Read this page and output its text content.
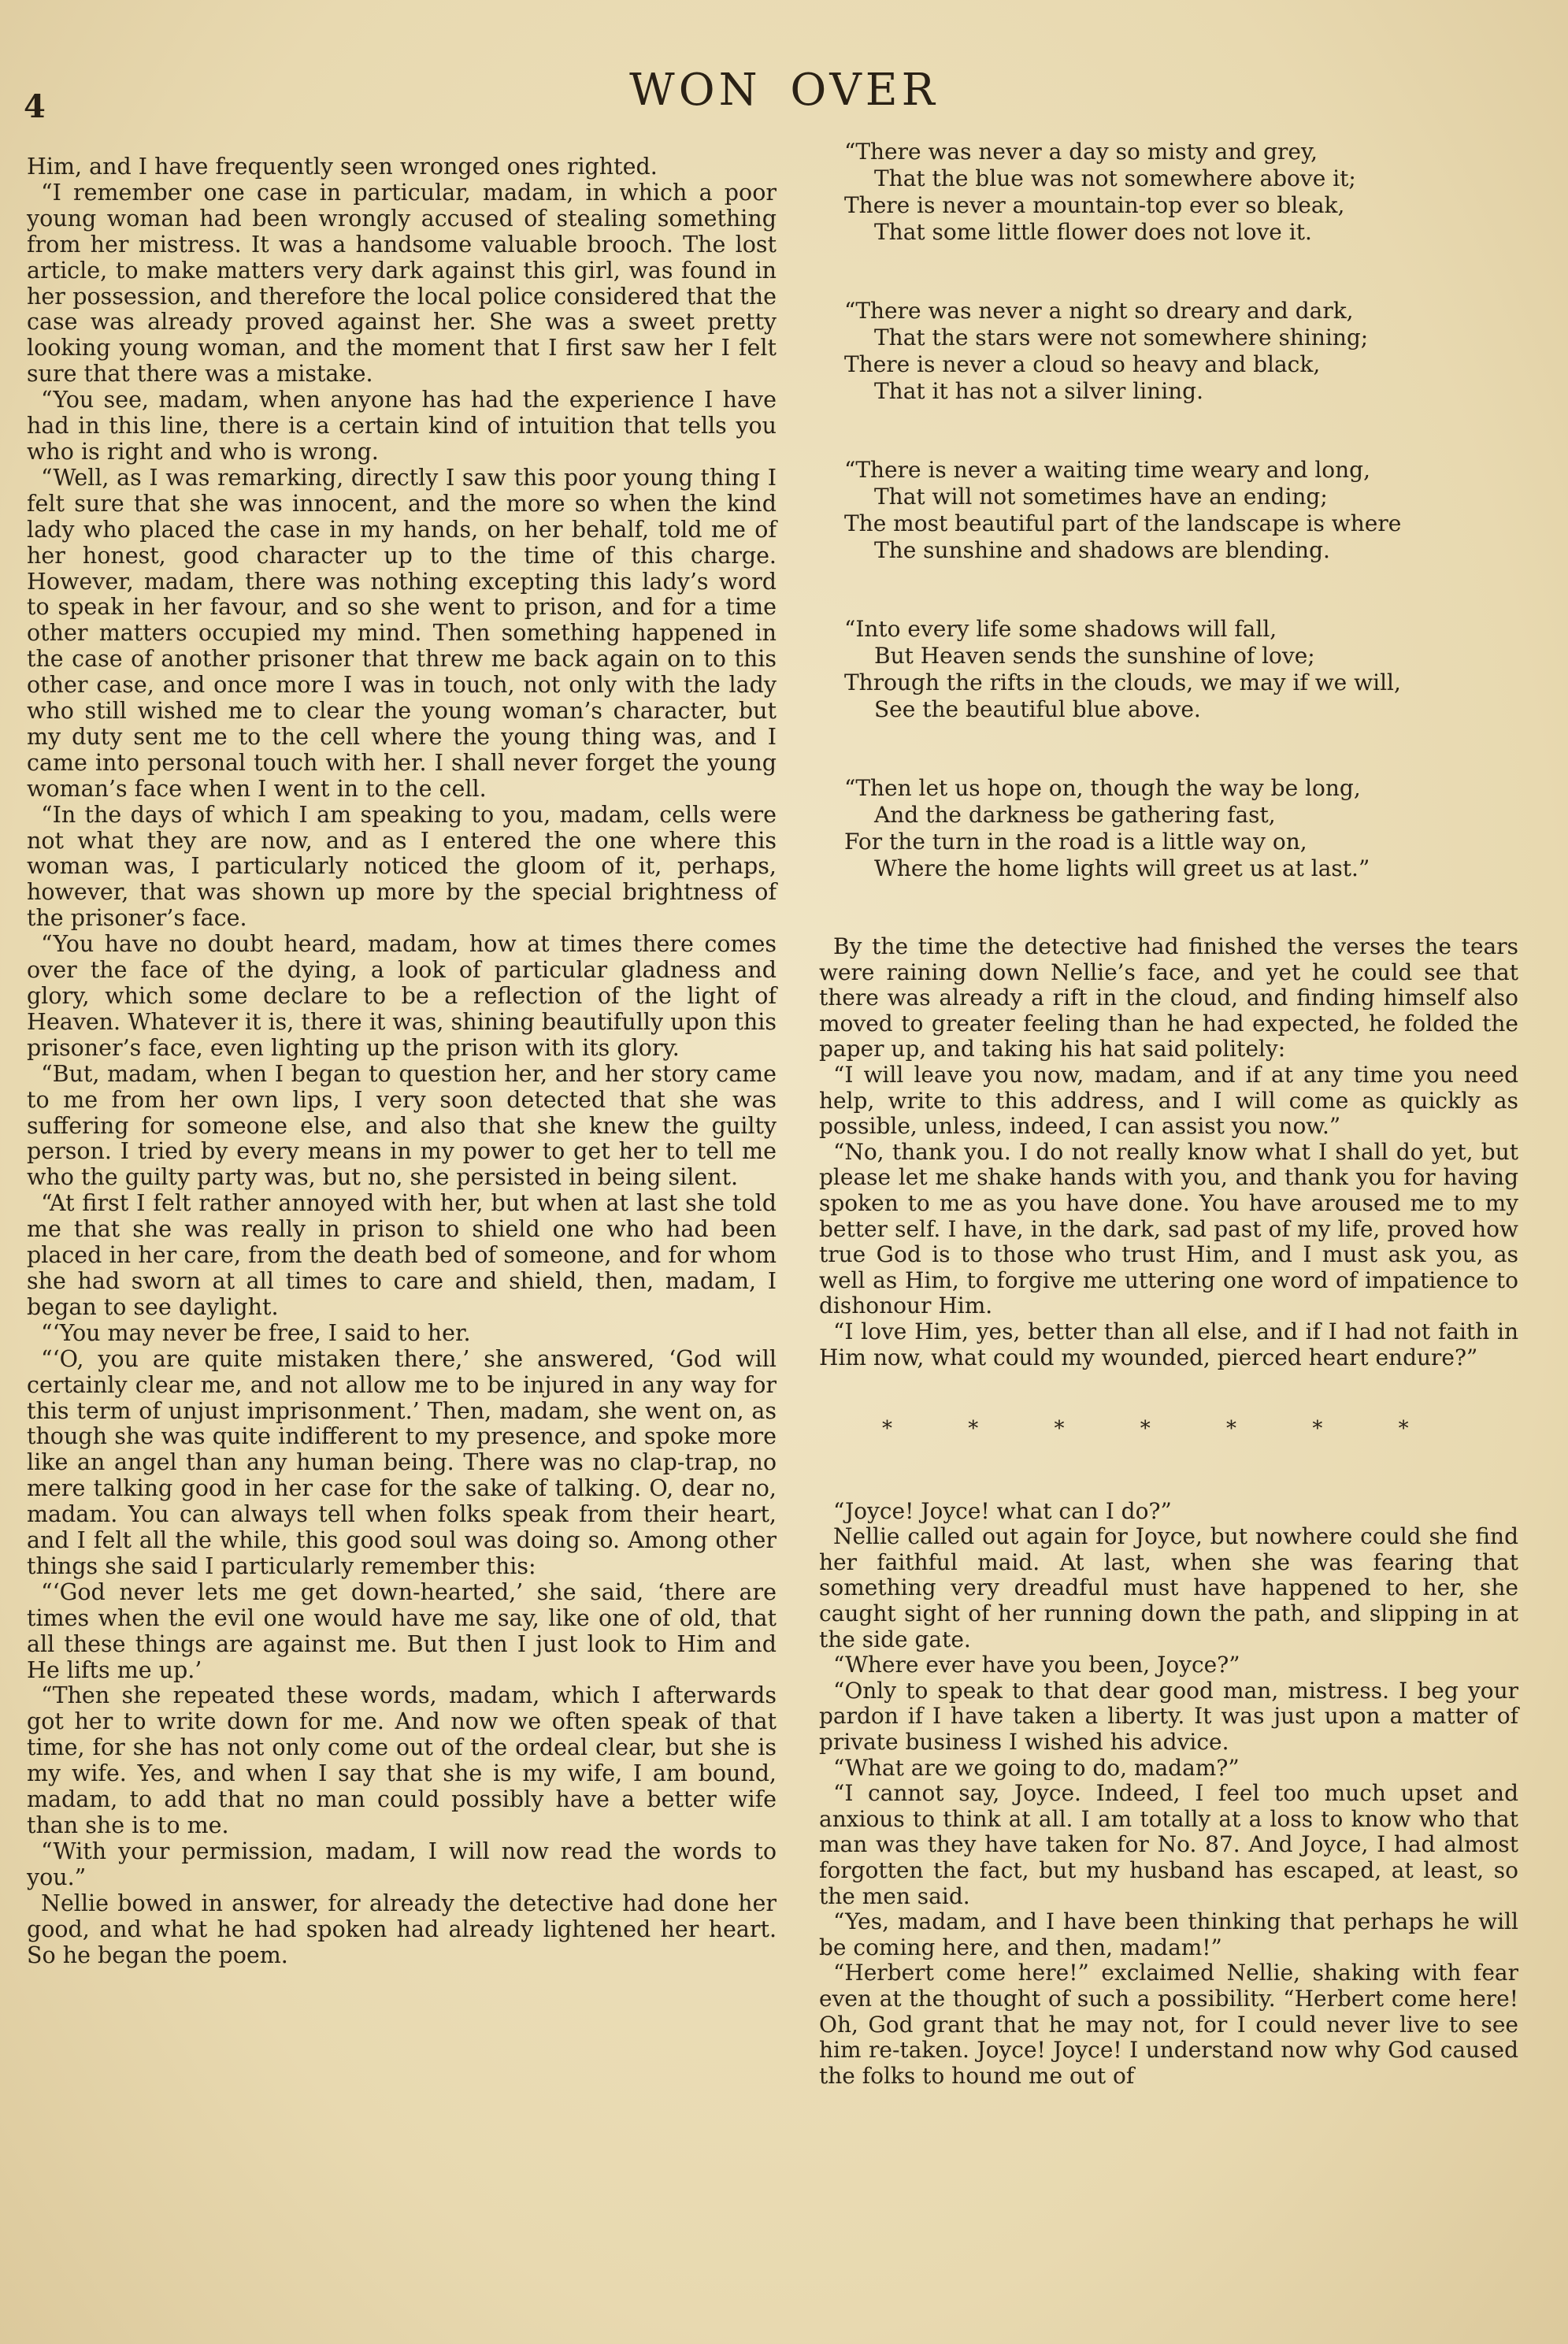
4	WON OVER

Him, and I have frequently seen wronged ones righted.

“I remember one case in particular, madam, in which a poor young woman had been wrongly accused of stealing something from her mistress. It was a handsome valuable brooch. The lost article, to make matters very dark against this girl, was found in her possession, and therefore the local police considered that the case was already proved against her. She was a sweet pretty looking young woman, and the moment that I first saw her I felt sure that there was a mistake.

“You see, madam, when anyone has had the experience I have had in this line, there is a certain kind of intuition that tells you who is right and who is wrong.

“Well, as I was remarking, directly I saw this poor young thing I felt sure that she was innocent, and the more so when the kind lady who placed the case in my hands, on her behalf, told me of her honest, good character up to the time of this charge. However, madam, there was nothing excepting this lady’s word to speak in her favour, and so she went to prison, and for a time other matters occupied my mind. Then something happened in the case of another prisoner that threw me back again on to this other case, and once more I was in touch, not only with the lady who still wished me to clear the young woman’s character, but my duty sent me to the cell where the young thing was, and I came into personal touch with her. I shall never forget the young woman’s face when I went in to the cell.

“In the days of which I am speaking to you, madam, cells were not what they are now, and as I entered the one where this woman was, I particularly noticed the gloom of it, perhaps, however, that was shown up more by the special brightness of the prisoner’s face.

“You have no doubt heard, madam, how at times there comes over the face of the dying, a look of particular gladness and glory, which some declare to be a reflection of the light of Heaven. Whatever it is, there it was, shining beautifully upon this prisoner’s face, even lighting up the prison with its glory.

“But, madam, when I began to question her, and her story came to me from her own lips, I very soon detected that she was suffering for someone else, and also that she knew the guilty person. I tried by every means in my power to get her to tell me who the guilty party was, but no, she persisted in being silent.

“At first I felt rather annoyed with her, but when at last she told me that she was really in prison to shield one who had been placed in her care, from the death bed of someone, and for whom she had sworn at all times to care and shield, then, madam, I began to see daylight.

“‘You may never be free, I said to her.

“‘O, you are quite mistaken there,’ she answered, ‘God will certainly clear me, and not allow me to be injured in any way for this term of unjust imprisonment.’ Then, madam, she went on, as though she was quite indifferent to my presence, and spoke more like an angel than any human being. There was no clap-trap, no mere talking good in her case for the sake of talking. O, dear no, madam. You can always tell when folks speak from their heart, and I felt all the while, this good soul was doing so. Among other things she said I particularly remember this:

“‘God never lets me get down-hearted,’ she said, ‘there are times when the evil one would have me say, like one of old, that all these things are against me. But then I just look to Him and He lifts me up.’

“Then she repeated these words, madam, which I afterwards got her to write down for me. And now we often speak of that time, for she has not only come out of the ordeal clear, but she is my wife. Yes, and when I say that she is my wife, I am bound, madam, to add that no man could possibly have a better wife than she is to me.

“With your permission, madam, I will now read the words to you.”

Nellie bowed in answer, for already the detective had done her good, and what he had spoken had already lightened her heart. So he began the poem.

“There was never a day so misty and grey,
That the blue was not somewhere above it;
There is never a mountain-top ever so bleak,
That some little flower does not love it.
“There was never a night so dreary and dark,
That the stars were not somewhere shining;
There is never a cloud so heavy and black,
That it has not a silver lining.
“There is never a waiting time weary and long,
That will not sometimes have an ending;
The most beautiful part of the landscape is where
The sunshine and shadows are blending.
“Into every life some shadows will fall,
But Heaven sends the sunshine of love;
Through the rifts in the clouds, we may if we will,
See the beautiful blue above.
“Then let us hope on, though the way be long,
And the darkness be gathering fast,
For the turn in the road is a little way on,
Where the home lights will greet us at last.”

By the time the detective had finished the verses the tears were raining down Nellie’s face, and yet he could see that there was already a rift in the cloud, and finding himself also moved to greater feeling than he had expected, he folded the paper up, and taking his hat said politely:

“I will leave you now, madam, and if at any time you need help, write to this address, and I will come as quickly as possible, unless, indeed, I can assist you now.”

“No, thank you. I do not really know what I shall do yet, but please let me shake hands with you, and thank you for having spoken to me as you have done. You have aroused me to my better self. I have, in the dark, sad past of my life, proved how true God is to those who trust Him, and I must ask you, as well as Him, to forgive me uttering one word of impatience to dishonour Him.

“I love Him, yes, better than all else, and if I had not faith in Him now, what could my wounded, pierced heart endure?”

* * * * * * *

“Joyce! Joyce! what can I do?”

Nellie called out again for Joyce, but nowhere could she find her faithful maid. At last, when she was fearing that something very dreadful must have happened to her, she caught sight of her running down the path, and slipping in at the side gate.

“Where ever have you been, Joyce?”

“Only to speak to that dear good man, mistress. I beg your pardon if I have taken a liberty. It was just upon a matter of private business I wished his advice.

“What are we going to do, madam?”

“I cannot say, Joyce. Indeed, I feel too much upset and anxious to think at all. I am totally at a loss to know who that man was they have taken for No. 87. And Joyce, I had almost forgotten the fact, but my husband has escaped, at least, so the men said.

“Yes, madam, and I have been thinking that perhaps he will be coming here, and then, madam!”

“Herbert come here!” exclaimed Nellie, shaking with fear even at the thought of such a possibility. “Herbert come here! Oh, God grant that he may not, for I could never live to see him re-taken. Joyce! Joyce! I understand now why God caused the folks to hound me out of
